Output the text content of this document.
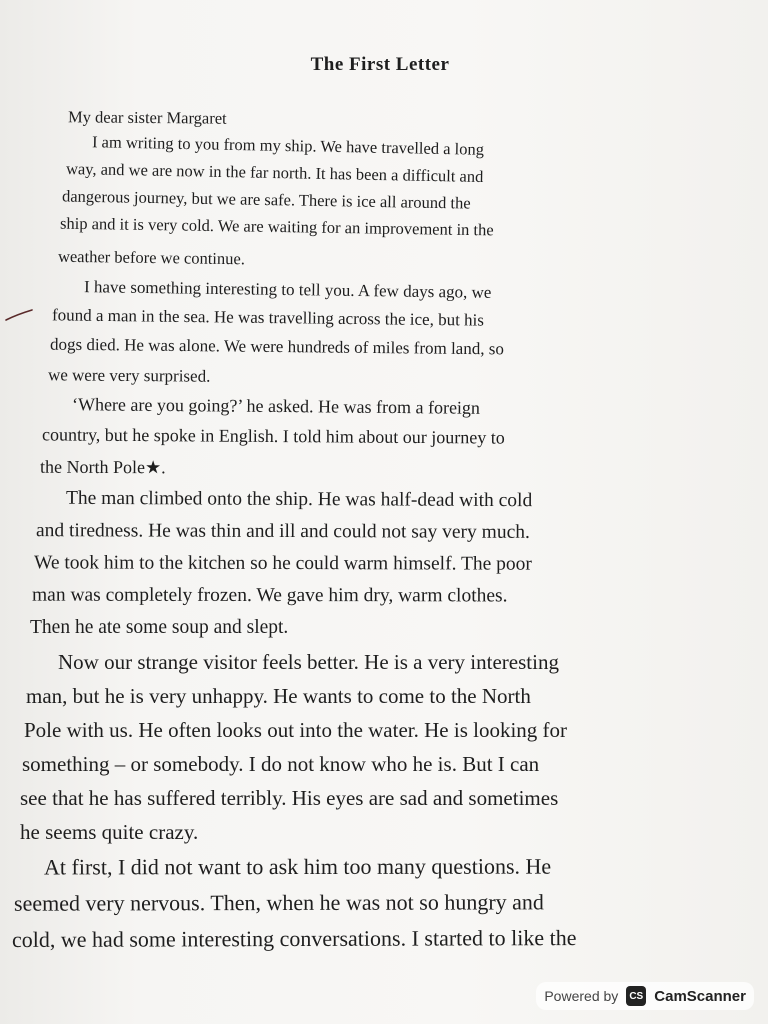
The First Letter

My dear sister Margaret

I am writing to you from my ship. We have travelled a long

way, and we are now in the far north. It has been a difficult and

dangerous journey, but we are safe. There is ice all around the

ship and it is very cold. We are waiting for an improvement in the

weather before we continue.

I have something interesting to tell you. A few days ago, we

found a man in the sea. He was travelling across the ice, but his

dogs died. He was alone. We were hundreds of miles from land, so

we were very surprised.

‘Where are you going?’ he asked. He was from a foreign

country, but he spoke in English. I told him about our journey to

the North Pole★.

The man climbed onto the ship. He was half-dead with cold

and tiredness. He was thin and ill and could not say very much.

We took him to the kitchen so he could warm himself. The poor

man was completely frozen. We gave him dry, warm clothes.

Then he ate some soup and slept.

Now our strange visitor feels better. He is a very interesting

man, but he is very unhappy. He wants to come to the North

Pole with us. He often looks out into the water. He is looking for

something – or somebody. I do not know who he is. But I can

see that he has suffered terribly. His eyes are sad and sometimes

he seems quite crazy.

At first, I did not want to ask him too many questions. He

seemed very nervous. Then, when he was not so hungry and

cold, we had some interesting conversations. I started to like the

Powered by	CS CamScanner
